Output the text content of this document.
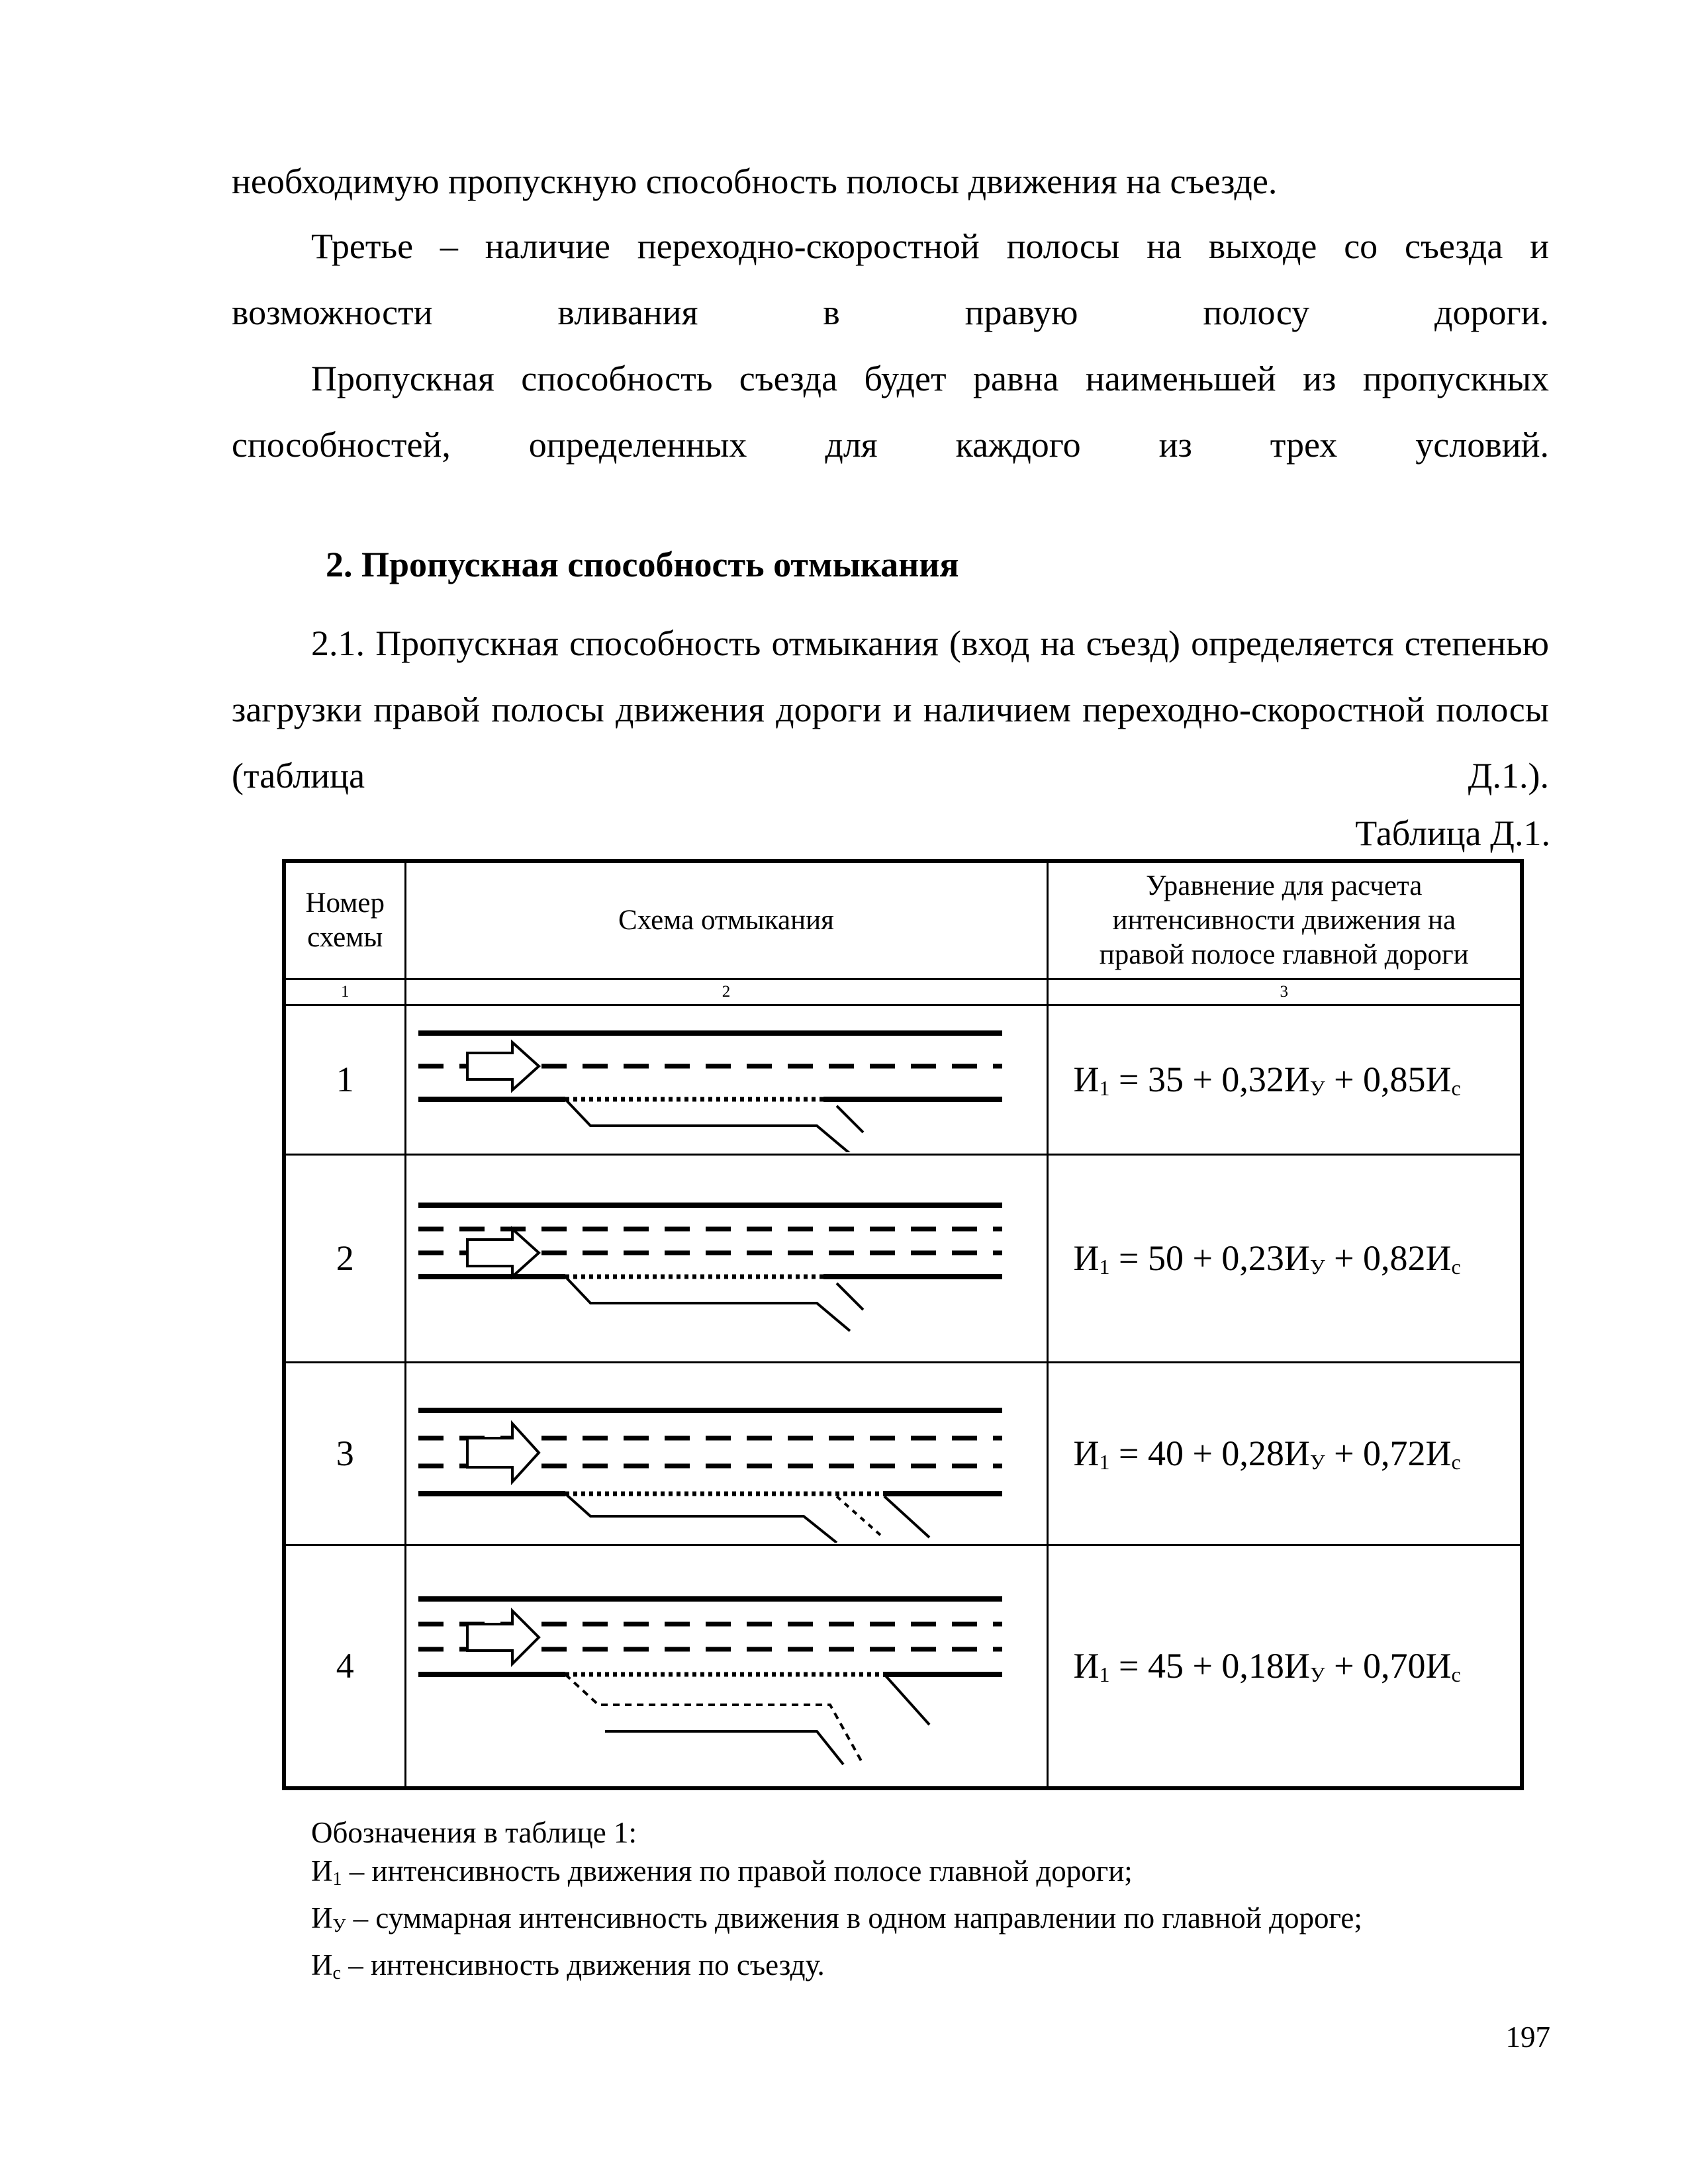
необходимую пропускную способность полосы движения на съезде.

Третье – наличие переходно-скоростной полосы на выходе со съезда и возможности вливания в правую полосу дороги.

Пропускная способность съезда будет равна наименьшей из пропускных способностей, определенных для каждого из трех условий.

2. Пропускная способность отмыкания

2.1. Пропускная способность отмыкания (вход на съезд) определяется степенью загрузки правой полосы движения дороги и наличием переходно-скоростной полосы (таблица Д.1.).

Таблица Д.1.

Номер схемы	Схема отмыкания	Уравнение для расчета интенсивности движения на правой полосе главной дороги

1	2	3
1		$И_1 = 35 + 0,32И_У + 0,85И_с$
2		$И_1 = 50 + 0,23И_У + 0,82И_с$
3		$И_1 = 40 + 0,28И_У + 0,72И_с$
4		$И_1 = 45 + 0,18И_У + 0,70И_с$
Обозначения в таблице 1:
$И_1$ – интенсивность движения по правой полосе главной дороги;
$И_У$ – суммарная интенсивность движения в одном направлении по главной дороге;
$И_с$ – интенсивность движения по съезду.

197
